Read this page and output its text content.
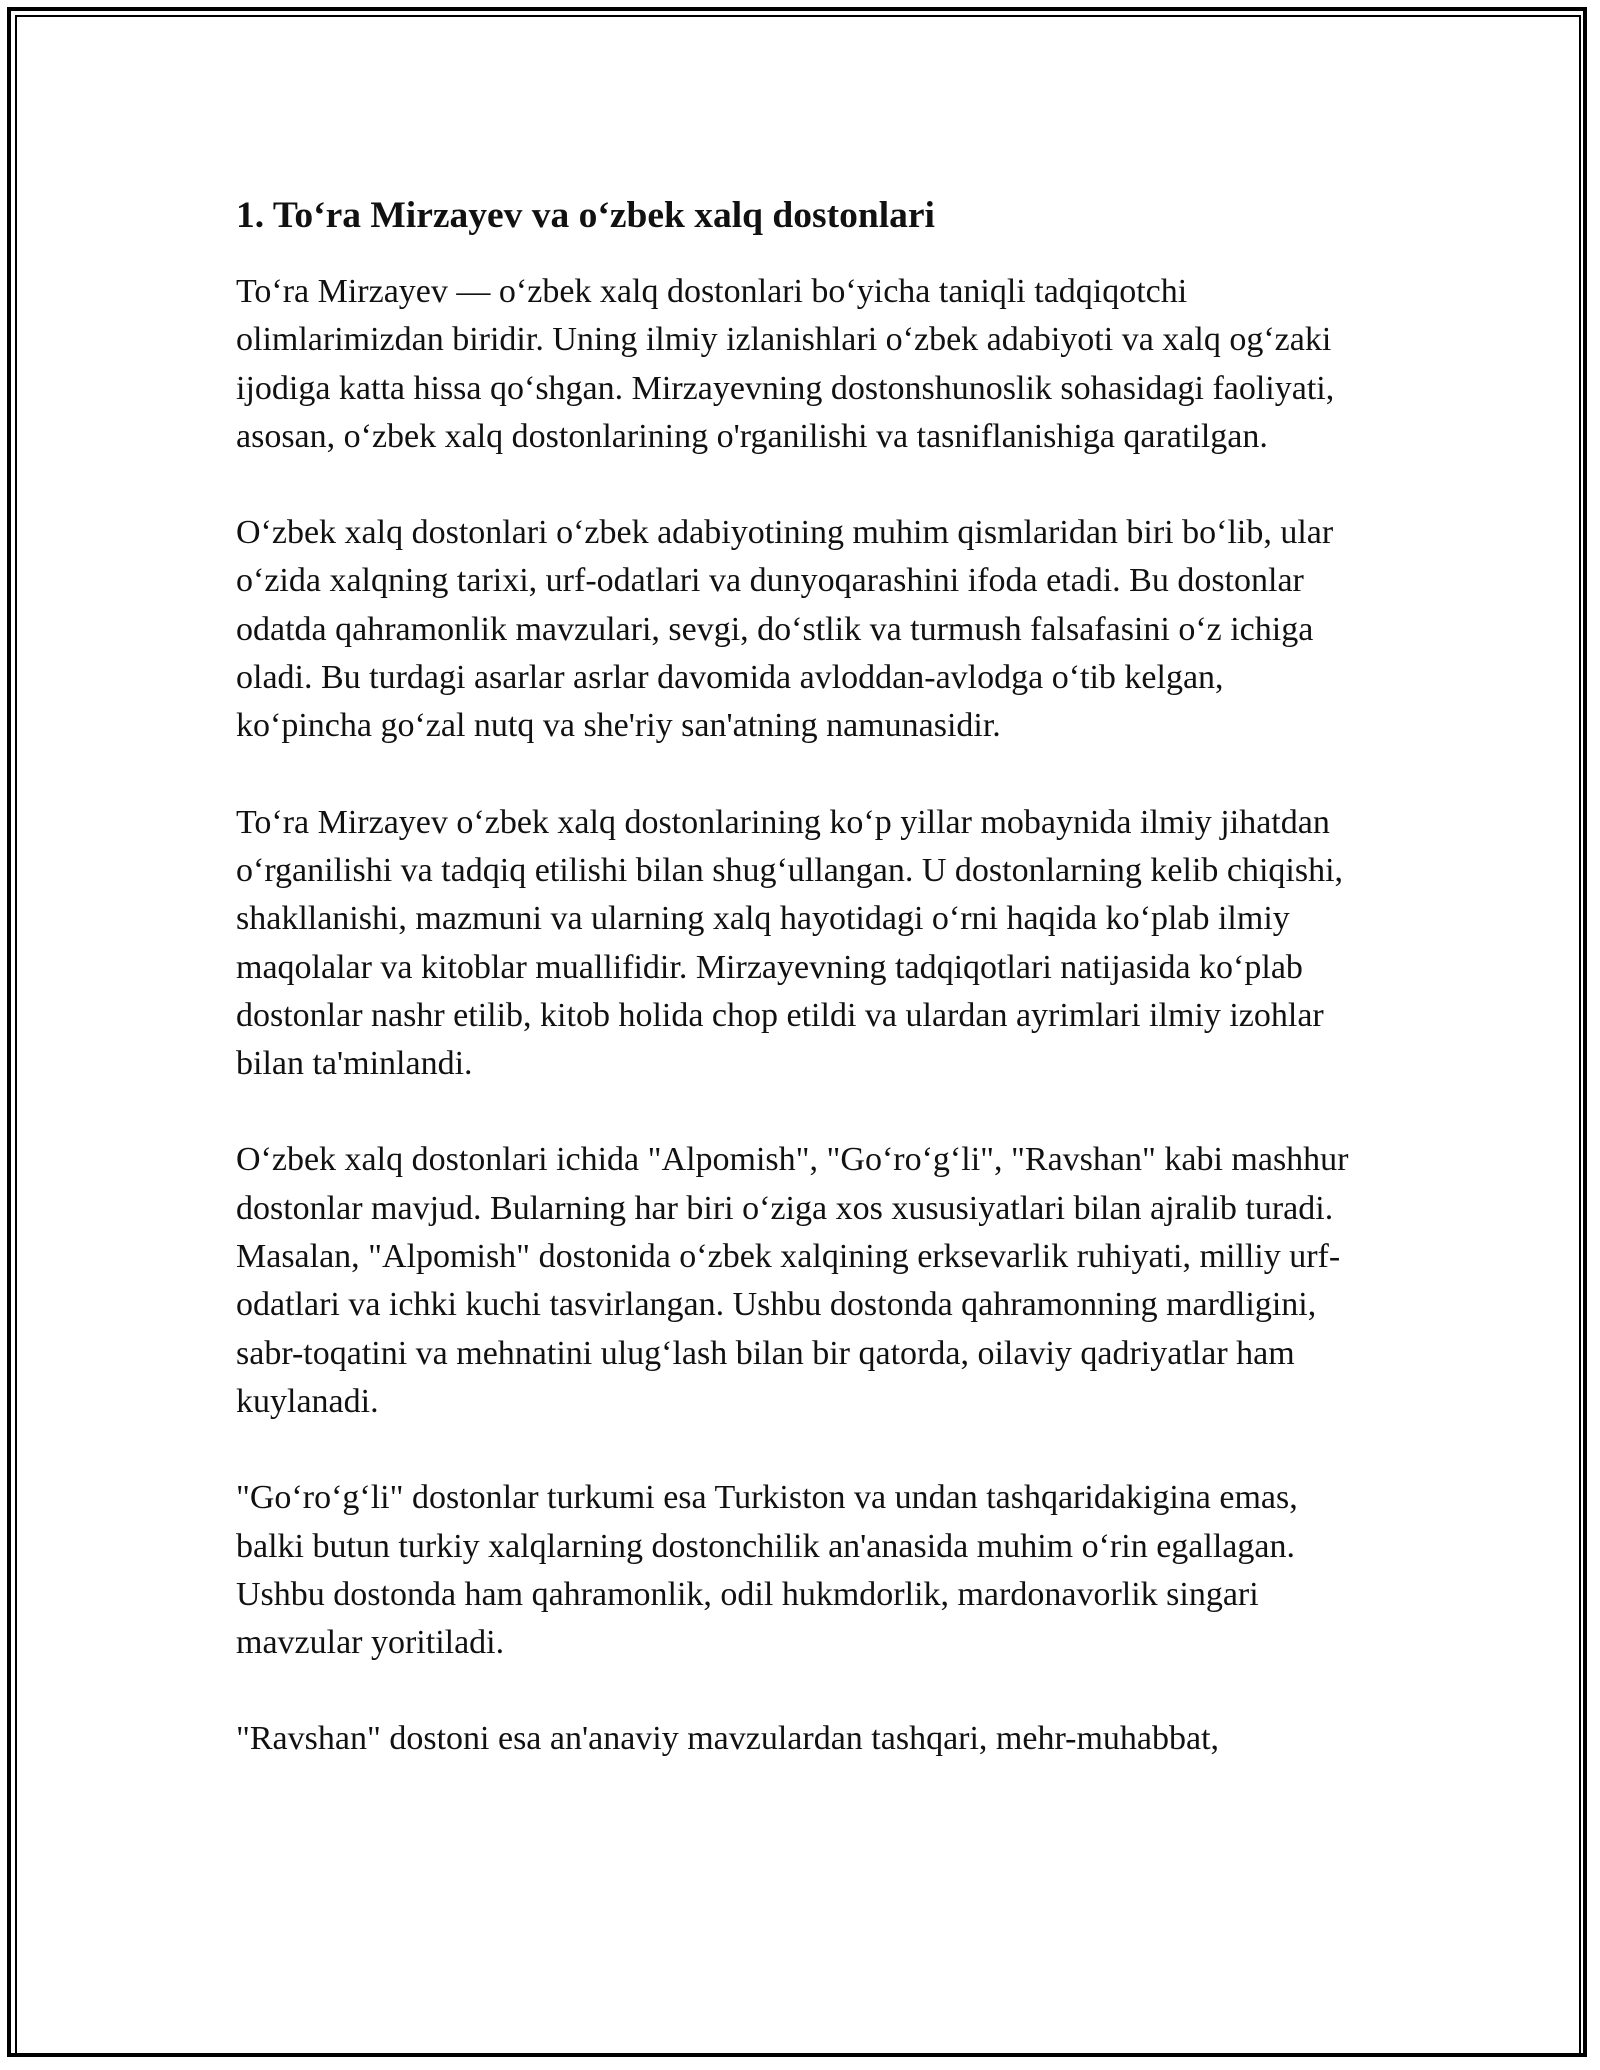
1. To‘ra Mirzayev va o‘zbek xalq dostonlari

To‘ra Mirzayev — o‘zbek xalq dostonlari bo‘yicha taniqli tadqiqotchi olimlarimizdan biridir. Uning ilmiy izlanishlari o‘zbek adabiyoti va xalq og‘zaki ijodiga katta hissa qo‘shgan. Mirzayevning dostonshunoslik sohasidagi faoliyati, asosan, o‘zbek xalq dostonlarining o'rganilishi va tasniflanishiga qaratilgan.

O‘zbek xalq dostonlari o‘zbek adabiyotining muhim qismlaridan biri bo‘lib, ular o‘zida xalqning tarixi, urf-odatlari va dunyoqarashini ifoda etadi. Bu dostonlar odatda qahramonlik mavzulari, sevgi, do‘stlik va turmush falsafasini o‘z ichiga oladi. Bu turdagi asarlar asrlar davomida avloddan-avlodga o‘tib kelgan, ko‘pincha go‘zal nutq va she'riy san'atning namunasidir.

To‘ra Mirzayev o‘zbek xalq dostonlarining ko‘p yillar mobaynida ilmiy jihatdan o‘rganilishi va tadqiq etilishi bilan shug‘ullangan. U dostonlarning kelib chiqishi, shakllanishi, mazmuni va ularning xalq hayotidagi o‘rni haqida ko‘plab ilmiy maqolalar va kitoblar muallifidir. Mirzayevning tadqiqotlari natijasida ko‘plab dostonlar nashr etilib, kitob holida chop etildi va ulardan ayrimlari ilmiy izohlar bilan ta'minlandi.

O‘zbek xalq dostonlari ichida "Alpomish", "Go‘ro‘g‘li", "Ravshan" kabi mashhur dostonlar mavjud. Bularning har biri o‘ziga xos xususiyatlari bilan ajralib turadi. Masalan, "Alpomish" dostonida o‘zbek xalqining erksevarlik ruhiyati, milliy urf-odatlari va ichki kuchi tasvirlangan. Ushbu dostonda qahramonning mardligini, sabr-toqatini va mehnatini ulug‘lash bilan bir qatorda, oilaviy qadriyatlar ham kuylanadi.

"Go‘ro‘g‘li" dostonlar turkumi esa Turkiston va undan tashqaridakigina emas, balki butun turkiy xalqlarning dostonchilik an'anasida muhim o‘rin egallagan. Ushbu dostonda ham qahramonlik, odil hukmdorlik, mardonavorlik singari mavzular yoritiladi.

"Ravshan" dostoni esa an'anaviy mavzulardan tashqari, mehr-muhabbat,
